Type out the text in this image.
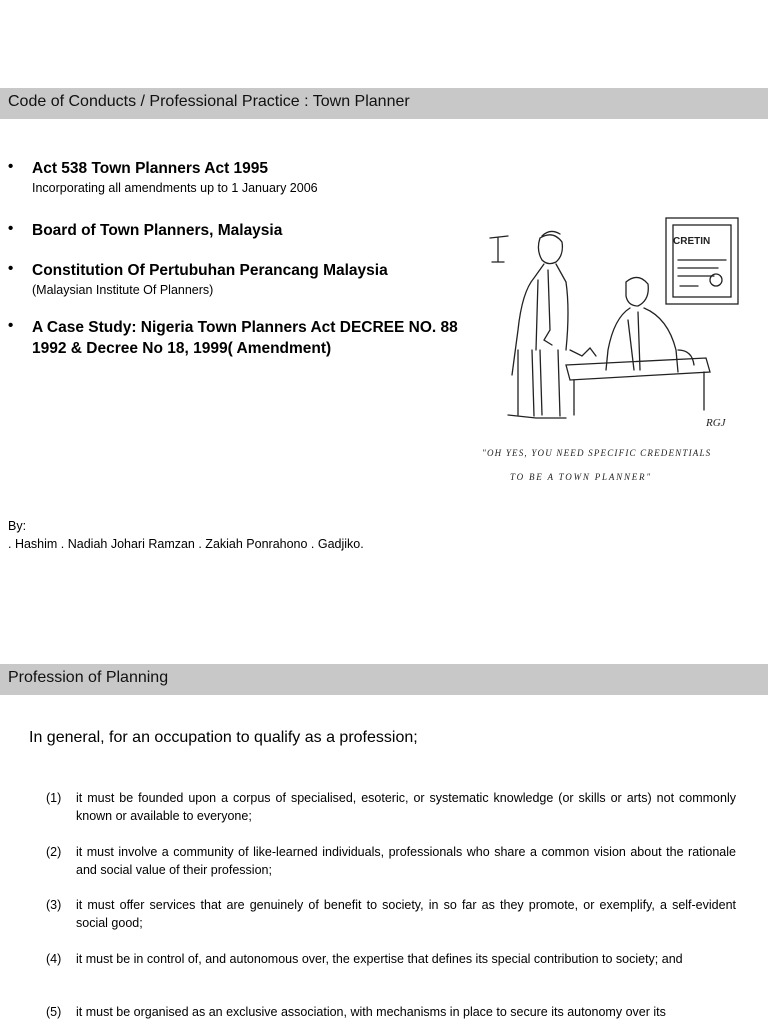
Code of Conducts / Professional Practice : Town Planner
• Act 538 Town Planners Act 1995
Incorporating all amendments up to 1 January 2006
• Board of Town Planners, Malaysia
• Constitution Of Pertubuhan Perancang Malaysia
(Malaysian Institute Of Planners)
• A Case Study: Nigeria Town Planners Act DECREE NO. 88 1992 & Decree No 18, 1999( Amendment)
CRETIN
RGJ
"OH YES, YOU NEED SPECIFIC CREDENTIALS
TO BE A TOWN PLANNER"
By:
. Hashim . Nadiah Johari Ramzan . Zakiah Ponrahono . Gadjiko.
Profession of Planning
In general, for an occupation to qualify as a profession;
(1)	it must be founded upon a corpus of specialised, esoteric, or systematic knowledge (or skills or arts) not commonly known or available to everyone;
(2)	it must involve a community of like-learned individuals, professionals who share a common vision about the rationale and social value of their profession;
(3)	it must offer services that are genuinely of benefit to society, in so far as they promote, or exemplify, a self-evident social good;
(4)	it must be in control of, and autonomous over, the expertise that defines its special contribution to society; and
(5)	it must be organised as an exclusive association, with mechanisms in place to secure its autonomy over its
